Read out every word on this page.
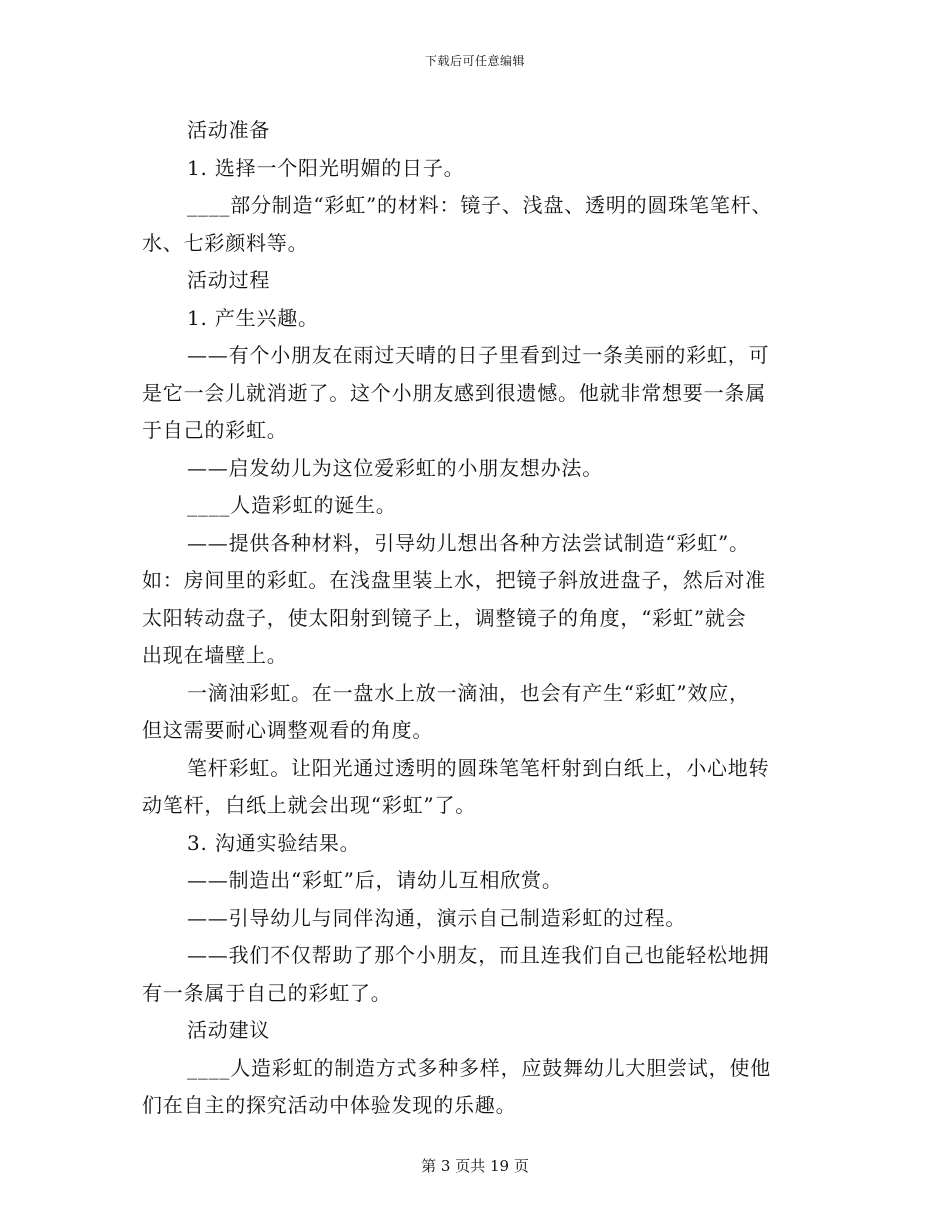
下载后可任意编辑
活动准备
1. 选择一个阳光明媚的日子。
____部分制造“彩虹”的材料：镜子、浅盘、透明的圆珠笔笔杆、
水、七彩颜料等。
活动过程
1. 产生兴趣。
——有个小朋友在雨过天晴的日子里看到过一条美丽的彩虹，可
是它一会儿就消逝了。这个小朋友感到很遗憾。他就非常想要一条属
于自己的彩虹。
——启发幼儿为这位爱彩虹的小朋友想办法。
____人造彩虹的诞生。
——提供各种材料，引导幼儿想出各种方法尝试制造“彩虹”。
如：房间里的彩虹。在浅盘里装上水，把镜子斜放进盘子，然后对准
太阳转动盘子，使太阳射到镜子上，调整镜子的角度，“彩虹”就会
出现在墙壁上。
一滴油彩虹。在一盘水上放一滴油，也会有产生“彩虹”效应，
但这需要耐心调整观看的角度。
笔杆彩虹。让阳光通过透明的圆珠笔笔杆射到白纸上，小心地转
动笔杆，白纸上就会出现“彩虹”了。
3. 沟通实验结果。
——制造出“彩虹”后，请幼儿互相欣赏。
——引导幼儿与同伴沟通，演示自己制造彩虹的过程。
——我们不仅帮助了那个小朋友，而且连我们自己也能轻松地拥
有一条属于自己的彩虹了。
活动建议
____人造彩虹的制造方式多种多样，应鼓舞幼儿大胆尝试，使他
们在自主的探究活动中体验发现的乐趣。
第 3 页共 19 页
